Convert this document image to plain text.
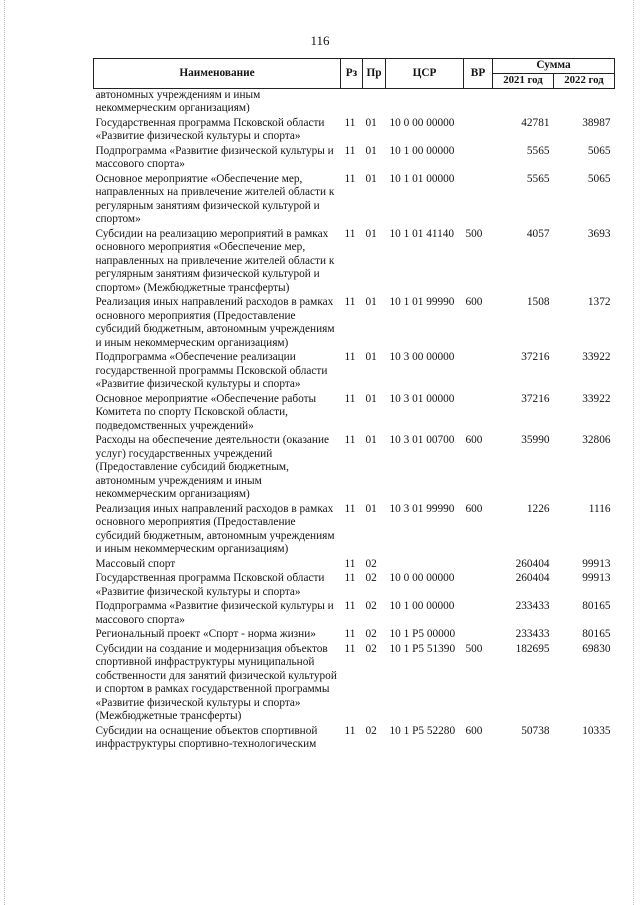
116
Наименование	Рз	Пр	ЦСР	ВР	Сумма	
					2021 год	2022 год
автономных учреждениям и иным некоммерческим организациям)						
Государственная программа Псковской области «Развитие физической культуры и спорта»	11	01	10 0 00 00000		42781	38987
Подпрограмма «Развитие физической культуры и массового спорта»	11	01	10 1 00 00000		5565	5065
Основное мероприятие «Обеспечение мер, направленных на привлечение жителей области к регулярным занятиям физической культурой и спортом»	11	01	10 1 01 00000		5565	5065
Субсидии на реализацию мероприятий в рамках основного мероприятия «Обеспечение мер, направленных на привлечение жителей области к регулярным занятиям физической культурой и спортом» (Межбюджетные трансферты)	11	01	10 1 01 41140	500	4057	3693
Реализация иных направлений расходов в рамках основного мероприятия (Предоставление субсидий бюджетным, автономным учреждениям и иным некоммерческим организациям)	11	01	10 1 01 99990	600	1508	1372
Подпрограмма «Обеспечение реализации государственной программы Псковской области «Развитие физической культуры и спорта»	11	01	10 3 00 00000		37216	33922
Основное мероприятие «Обеспечение работы Комитета по спорту Псковской области, подведомственных учреждений»	11	01	10 3 01 00000		37216	33922
Расходы на обеспечение деятельности (оказание услуг) государственных учреждений (Предоставление субсидий бюджетным, автономным учреждениям и иным некоммерческим организациям)	11	01	10 3 01 00700	600	35990	32806
Реализация иных направлений расходов в рамках основного мероприятия (Предоставление субсидий бюджетным, автономным учреждениям и иным некоммерческим организациям)	11	01	10 3 01 99990	600	1226	1116
Массовый спорт	11	02			260404	99913
Государственная программа Псковской области «Развитие физической культуры и спорта»	11	02	10 0 00 00000		260404	99913
Подпрограмма «Развитие физической культуры и массового спорта»	11	02	10 1 00 00000		233433	80165
Региональный проект «Спорт - норма жизни»	11	02	10 1 P5 00000		233433	80165
Субсидии на создание и модернизация объектов спортивной инфраструктуры муниципальной собственности для занятий физической культурой и спортом в рамках государственной программы «Развитие физической культуры и спорта» (Межбюджетные трансферты)	11	02	10 1 P5 51390	500	182695	69830
Субсидии на оснащение объектов спортивной инфраструктуры спортивно-технологическим	11	02	10 1 P5 52280	600	50738	10335
